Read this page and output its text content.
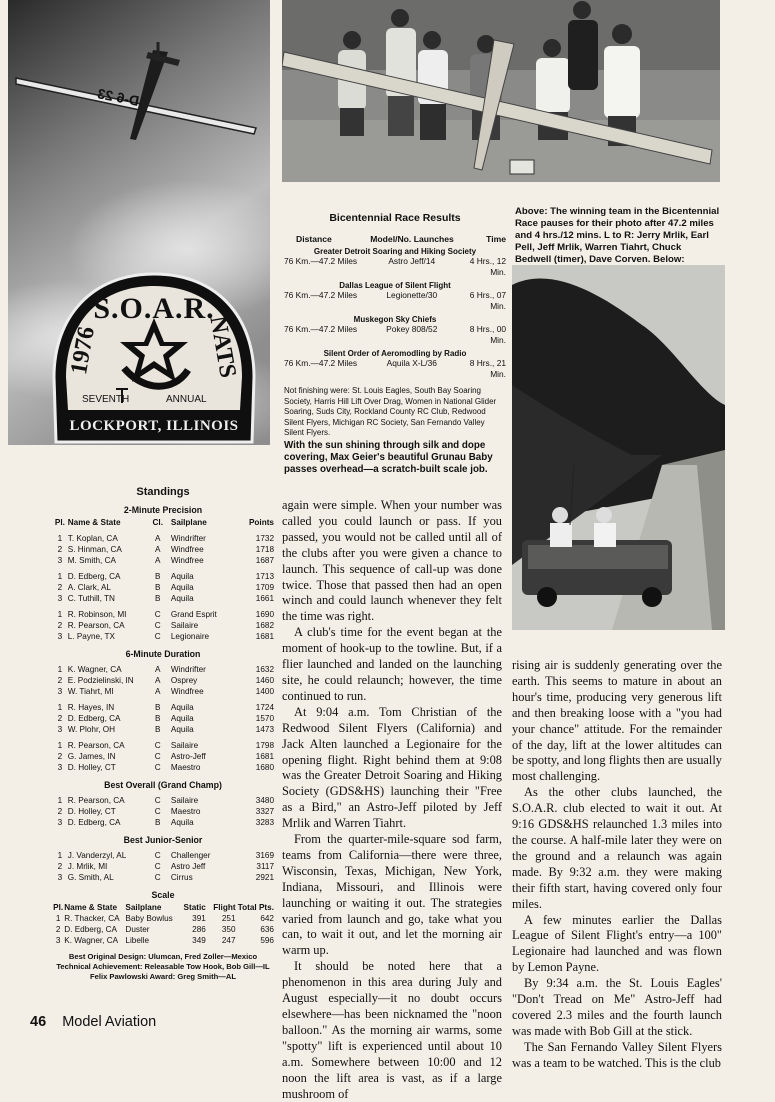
D-6 23
S.O.A.R.
1976	NATS
SEVENTH	ANNUAL
LOCKPORT, ILLINOIS
Above: The winning team in the Bicentennial Race pauses for their photo after 47.2 miles and 4 hrs./12 mins. L to R: Jerry Mrlik, Earl Pell, Jeff Mrlik, Warren Tiahrt, Chuck Bedwell (timer), Dave Corven. Below:
Bicentennial Race Results
Distance	Model/No. Launches	Time
Greater Detroit Soaring and Hiking Society
76 Km.—47.2 Miles	Astro Jeff/14	4 Hrs., 12 Min.
Dallas League of Silent Flight
76 Km.—47.2 Miles	Legionette/30	6 Hrs., 07 Min.
Muskegon Sky Chiefs
76 Km.—47.2 Miles	Pokey 808/52	8 Hrs., 00 Min.
Silent Order of Aeromodling by Radio
76 Km.—47.2 Miles	Aquila X-L/36	8 Hrs., 21 Min.
Not finishing were: St. Louis Eagles, South Bay Soaring Society, Harris Hill Lift Over Drag, Women in National Glider Soaring, Suds City, Rockland County RC Club, Redwood Silent Flyers, Michigan RC Society, San Fernando Valley Silent Flyers.
With the sun shining through silk and dope covering, Max Geier's beautiful Grunau Baby passes overhead—a scratch-built scale job.
Standings
2-Minute Precision
Pl. Name & State	Cl. Sailplane	Points
1 T. Koplan, CA	A	Windrifter	1732
2 S. Hinman, CA	A	Windfree	1718
3 M. Smith, CA	A	Windfree	1687
1 D. Edberg, CA	B	Aquila	1713
2 A. Clark, AL	B	Aquila	1709
3 C. Tuthill, TN	B	Aquila	1661
1 R. Robinson, MI	C	Grand Esprit	1690
2 R. Pearson, CA	C	Sailaire	1682
3 L. Payne, TX	C	Legionaire	1681
6-Minute Duration
1 K. Wagner, CA	A	Windrifter	1632
2 E. Podzielinski, IN	A	Osprey	1460
3 W. Tiahrt, MI	A	Windfree	1400
1 R. Hayes, IN	B	Aquila	1724
2 D. Edberg, CA	B	Aquila	1570
3 W. Plohr, OH	B	Aquila	1473
1 R. Pearson, CA	C	Sailaire	1798
2 G. James, IN	C	Astro-Jeff	1681
3 D. Holley, CT	C	Maestro	1680
Best Overall (Grand Champ)
1 R. Pearson, CA	C	Sailaire	3480
2 D. Holley, CT	C	Maestro	3327
3 D. Edberg, CA	B	Aquila	3283
Best Junior-Senior
1 J. Vanderzyl, AL	C	Challenger	3169
2 J. Mrlik, MI	C	Astro Jeff	3117
3 G. Smith, AL	C	Cirrus	2921
Scale
Pl. Name & State	Sailplane	Static Flight Total Pts.
1 R. Thacker, CA Baby Bowlus	391	251	642
2 D. Edberg, CA	Duster	286	350	636
3 K. Wagner, CA Libelle	349	247	596
Best Original Design: Ulumcan, Fred Zoller—Mexico
Technical Achievement: Releasable Tow Hook, Bob Gill—IL
Felix Pawlowski Award: Greg Smith—AL

again were simple. When your number was called you could launch or pass. If you passed, you would not be called until all of the clubs after you were given a chance to launch. This sequence of call-up was done twice. Those that passed then had an open winch and could launch whenever they felt the time was right.

A club's time for the event began at the moment of hook-up to the towline. But, if a flier launched and landed on the launching site, he could relaunch; however, the time continued to run.

At 9:04 a.m. Tom Christian of the Redwood Silent Flyers (California) and Jack Alten launched a Legionaire for the opening flight. Right behind them at 9:08 was the Greater Detroit Soaring and Hiking Society (GDS&HS) launching their "Free as a Bird," an Astro-Jeff piloted by Jeff Mrlik and Warren Tiahrt.

From the quarter-mile-square sod farm, teams from California—there were three, Wisconsin, Texas, Michigan, New York, Indiana, Missouri, and Illinois were launching or waiting it out. The strategies varied from launch and go, take what you can, to wait it out, and let the morning air warm up.

It should be noted here that a phenomenon in this area during July and August especially—it no doubt occurs elsewhere—has been nicknamed the "noon balloon." As the morning air warms, some "spotty" lift is experienced until about 10 a.m. Somewhere between 10:00 and 12 noon the lift area is vast, as if a large mushroom of

rising air is suddenly generating over the earth. This seems to mature in about an hour's time, producing very generous lift and then breaking loose with a "you had your chance" attitude. For the remainder of the day, lift at the lower altitudes can be spotty, and long flights then are usually most challenging.

As the other clubs launched, the S.O.A.R. club elected to wait it out. At 9:16 GDS&HS relaunched 1.3 miles into the course. A half-mile later they were on the ground and a relaunch was again made. By 9:32 a.m. they were making their fifth start, having covered only four miles.

A few minutes earlier the Dallas League of Silent Flight's entry—a 100" Legionaire had launched and was flown by Lemon Payne.

By 9:34 a.m. the St. Louis Eagles' "Don't Tread on Me" Astro-Jeff had covered 2.3 miles and the fourth launch was made with Bob Gill at the stick.

The San Fernando Valley Silent Flyers was a team to be watched. This is the club

46 Model Aviation
